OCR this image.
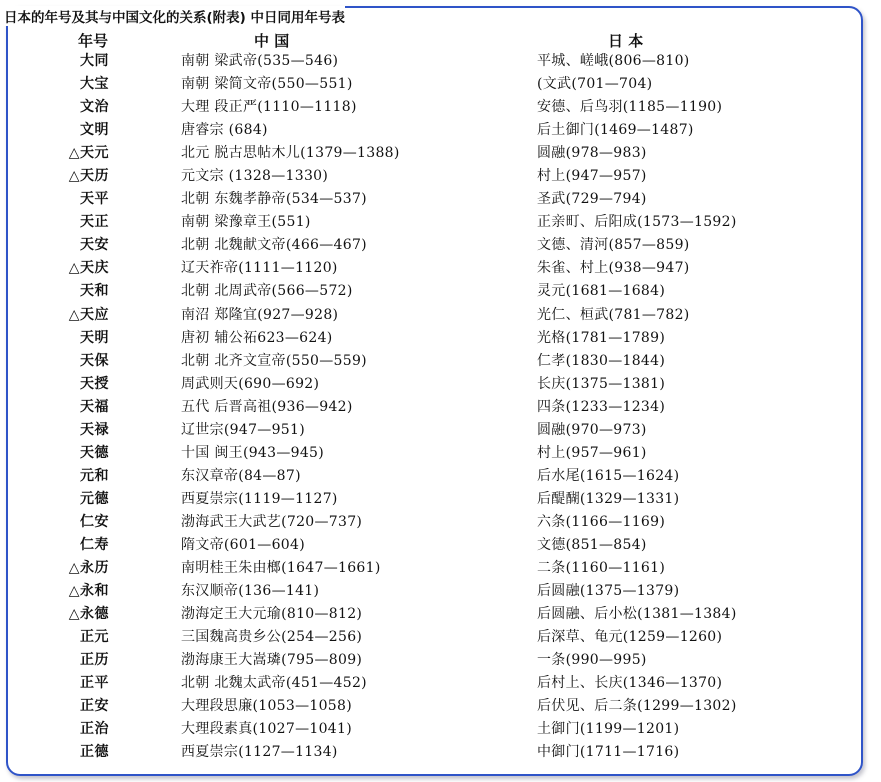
日本的年号及其与中国文化的关系(附表) 中日同用年号表
年号	中 国	日 本
大同	南朝 梁武帝(535—546)	平城、嵯峨(806—810)
大宝	南朝 梁简文帝(550—551)	(文武(701—704)
文治	大理 段正严(1110—1118)	安德、后鸟羽(1185—1190)
文明	唐睿宗 (684)	后土御门(1469—1487)
△天元	北元 脱古思帖木儿(1379—1388)	圆融(978—983)
△天历	元文宗 (1328—1330)	村上(947—957)
天平	北朝 东魏孝静帝(534—537)	圣武(729—794)
天正	南朝 梁豫章王(551)	正亲町、后阳成(1573—1592)
天安	北朝 北魏献文帝(466—467)	文德、清河(857—859)
△天庆	辽天祚帝(1111—1120)	朱雀、村上(938—947)
天和	北朝 北周武帝(566—572)	灵元(1681—1684)
△天应	南沼 郑隆宜(927—928)	光仁、桓武(781—782)
天明	唐初 辅公祏623—624)	光格(1781—1789)
天保	北朝 北齐文宣帝(550—559)	仁孝(1830—1844)
天授	周武则天(690—692)	长庆(1375—1381)
天福	五代 后晋高祖(936—942)	四条(1233—1234)
天禄	辽世宗(947—951)	圆融(970—973)
天德	十国 闽王(943—945)	村上(957—961)
元和	东汉章帝(84—87)	后水尾(1615—1624)
元德	西夏崇宗(1119—1127)	后醍醐(1329—1331)
仁安	渤海武王大武艺(720—737)	六条(1166—1169)
仁寿	隋文帝(601—604)	文德(851—854)
△永历	南明桂王朱由榔(1647—1661)	二条(1160—1161)
△永和	东汉顺帝(136—141)	后圆融(1375—1379)
△永德	渤海定王大元瑜(810—812)	后圆融、后小松(1381—1384)
正元	三国魏高贵乡公(254—256)	后深草、龟元(1259—1260)
正历	渤海康王大嵩璘(795—809)	一条(990—995)
正平	北朝 北魏太武帝(451—452)	后村上、长庆(1346—1370)
正安	大理段思廉(1053—1058)	后伏见、后二条(1299—1302)
正治	大理段素真(1027—1041)	土御门(1199—1201)
正德	西夏崇宗(1127—1134)	中御门(1711—1716)
